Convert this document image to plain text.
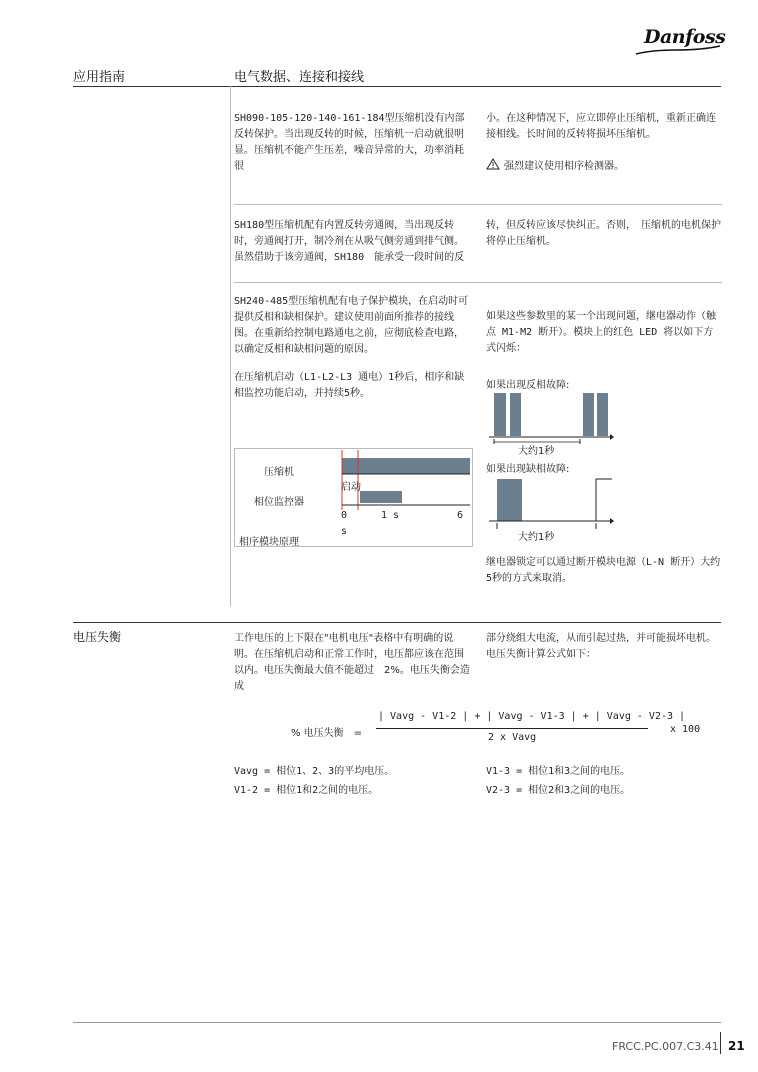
Danfoss
应用指南	电气数据、连接和接线
SH090-105-120-140-161-184型压缩机没有内部反转保护。当出现反转的时候，压缩机一启动就很明显。压缩机不能产生压差，噪音异常的大，功率消耗很
小。在这种情况下，应立即停止压缩机，重新正确连接相线。长时间的反转将损坏压缩机。
强烈建议使用相序检测器。
SH180型压缩机配有内置反转旁通阀，当出现反转时，旁通阀打开，制冷剂在从吸气侧旁通到排气侧。虽然借助于该旁通阀，SH180　能承受一段时间的反
转，但反转应该尽快纠正。否则，　压缩机的电机保护将停止压缩机。
SH240-485型压缩机配有电子保护模块，在启动时可提供反相和缺相保护。建议使用前面所推荐的接线图。在重新给控制电路通电之前，应彻底检查电路，以确定反相和缺相问题的原因。
在压缩机启动（L1-L2-L3 通电）1秒后，相序和缺相监控功能启动，并持续5秒。
如果这些参数里的某一个出现问题，继电器动作（触点 M1-M2 断开）。模块上的红色 LED 将以如下方式闪烁：
压缩机
启动
相位监控器
0	1 s	6
s
相序模块原理
如果出现反相故障:
大约1秒
如果出现缺相故障:
大约1秒
继电器锁定可以通过断开模块电源（L-N 断开）大约5秒的方式来取消。
电压失衡	工作电压的上下限在"电机电压"表格中有明确的说明。在压缩机启动和正常工作时，电压都应该在范围以内。电压失衡最大值不能超过　2%。电压失衡会造成
部分绕组大电流，从而引起过热，并可能损坏电机。电压失衡计算公式如下：
% 电压失衡　=
| Vavg - V1-2 | + | Vavg - V1-3 | + | Vavg - V2-3 |
2 x Vavg
x 100
Vavg = 相位1、2、3的平均电压。
V1-2 = 相位1和2之间的电压。
V1-3 = 相位1和3之间的电压。
V2-3 = 相位2和3之间的电压。
FRCC.PC.007.C3.41 21
